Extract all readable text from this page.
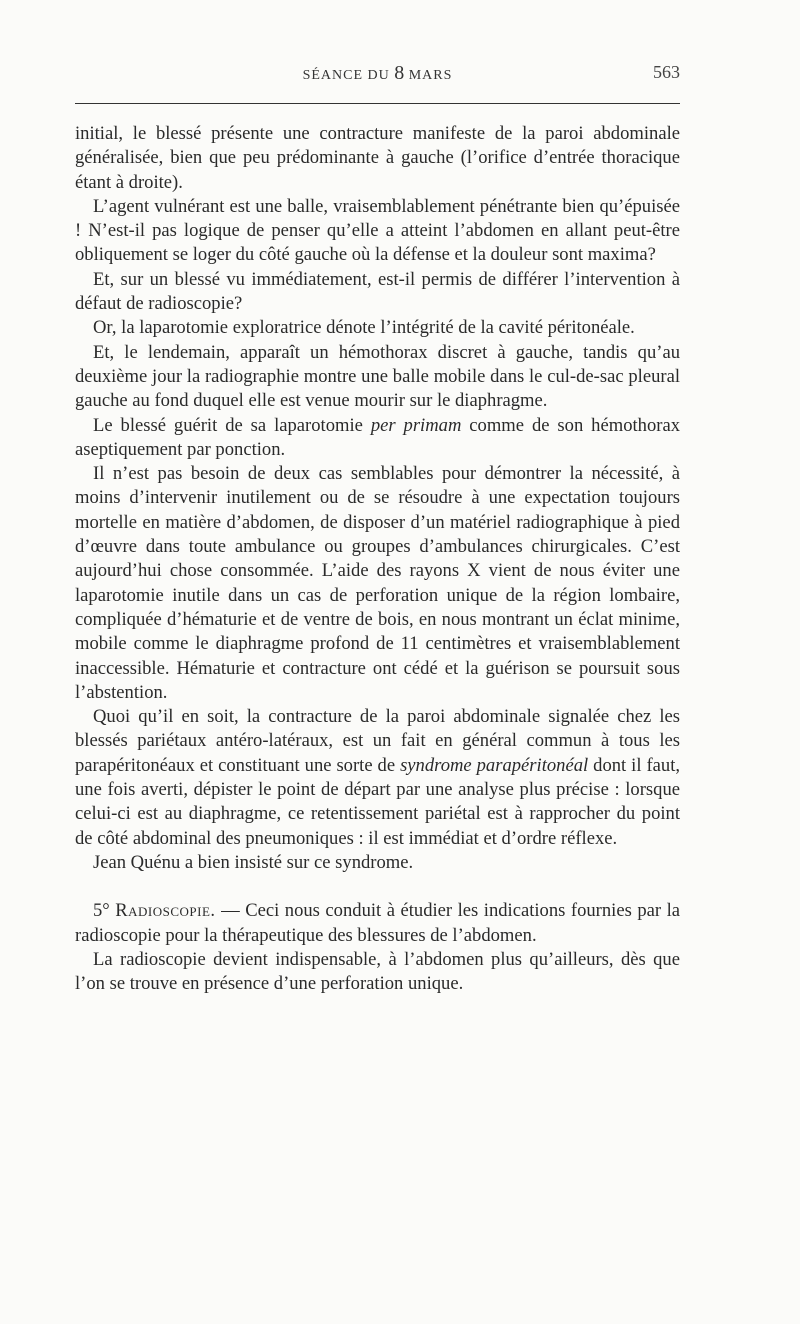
SÉANCE DU 8 MARS	563

initial, le blessé présente une contracture manifeste de la paroi abdominale généralisée, bien que peu prédominante à gauche (l’orifice d’entrée thoracique étant à droite).

L’agent vulnérant est une balle, vraisemblablement pénétrante bien qu’épuisée ! N’est-il pas logique de penser qu’elle a atteint l’abdomen en allant peut-être obliquement se loger du côté gauche où la défense et la douleur sont maxima?

Et, sur un blessé vu immédiatement, est-il permis de différer l’intervention à défaut de radioscopie?

Or, la laparotomie exploratrice dénote l’intégrité de la cavité péritonéale.

Et, le lendemain, apparaît un hémothorax discret à gauche, tandis qu’au deuxième jour la radiographie montre une balle mobile dans le cul-de-sac pleural gauche au fond duquel elle est venue mourir sur le diaphragme.

Le blessé guérit de sa laparotomie per primam comme de son hémothorax aseptiquement par ponction.

Il n’est pas besoin de deux cas semblables pour démontrer la nécessité, à moins d’intervenir inutilement ou de se résoudre à une expectation toujours mortelle en matière d’abdomen, de disposer d’un matériel radiographique à pied d’œuvre dans toute ambulance ou groupes d’ambulances chirurgicales. C’est aujourd’hui chose consommée. L’aide des rayons X vient de nous éviter une laparotomie inutile dans un cas de perforation unique de la région lombaire, compliquée d’hématurie et de ventre de bois, en nous montrant un éclat minime, mobile comme le diaphragme profond de 11 centimètres et vraisemblablement inaccessible. Hématurie et contracture ont cédé et la guérison se poursuit sous l’abstention.

Quoi qu’il en soit, la contracture de la paroi abdominale signalée chez les blessés pariétaux antéro-latéraux, est un fait en général commun à tous les parapéritonéaux et constituant une sorte de syndrome parapéritonéal dont il faut, une fois averti, dépister le point de départ par une analyse plus précise : lorsque celui-ci est au diaphragme, ce retentissement pariétal est à rapprocher du point de côté abdominal des pneumoniques : il est immédiat et d’ordre réflexe.

Jean Quénu a bien insisté sur ce syndrome.

5° Radioscopie. — Ceci nous conduit à étudier les indications fournies par la radioscopie pour la thérapeutique des blessures de l’abdomen.

La radioscopie devient indispensable, à l’abdomen plus qu’ailleurs, dès que l’on se trouve en présence d’une perforation unique.
